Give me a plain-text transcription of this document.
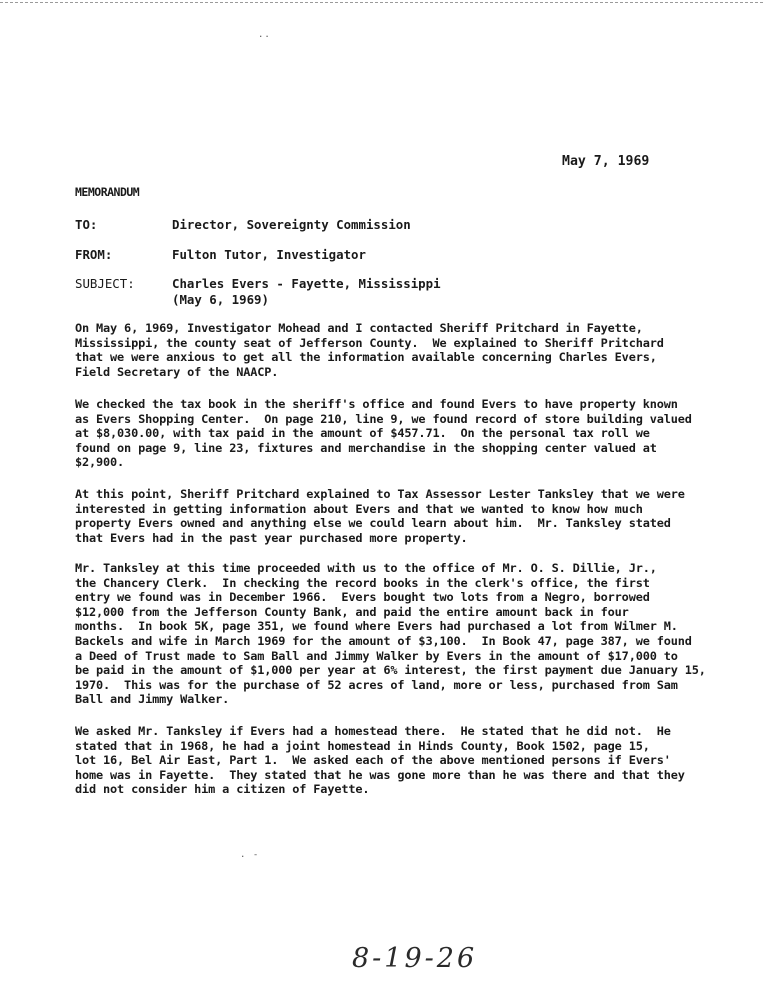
..
. -
May 7, 1969
MEMORANDUM
TO:	Director, Sovereignty Commission
FROM:	Fulton Tutor, Investigator
SUBJECT:	Charles Evers - Fayette, Mississippi
(May 6, 1969)

On May 6, 1969, Investigator Mohead and I contacted Sheriff Pritchard in Fayette,
Mississippi, the county seat of Jefferson County.  We explained to Sheriff Pritchard
that we were anxious to get all the information available concerning Charles Evers,
Field Secretary of the NAACP.

We checked the tax book in the sheriff's office and found Evers to have property known
as Evers Shopping Center.  On page 210, line 9, we found record of store building valued
at $8,030.00, with tax paid in the amount of $457.71.  On the personal tax roll we
found on page 9, line 23, fixtures and merchandise in the shopping center valued at
$2,900.

At this point, Sheriff Pritchard explained to Tax Assessor Lester Tanksley that we were
interested in getting information about Evers and that we wanted to know how much
property Evers owned and anything else we could learn about him.  Mr. Tanksley stated
that Evers had in the past year purchased more property.

Mr. Tanksley at this time proceeded with us to the office of Mr. O. S. Dillie, Jr.,
the Chancery Clerk.  In checking the record books in the clerk's office, the first
entry we found was in December 1966.  Evers bought two lots from a Negro, borrowed
$12,000 from the Jefferson County Bank, and paid the entire amount back in four
months.  In book 5K, page 351, we found where Evers had purchased a lot from Wilmer M.
Backels and wife in March 1969 for the amount of $3,100.  In Book 47, page 387, we found
a Deed of Trust made to Sam Ball and Jimmy Walker by Evers in the amount of $17,000 to
be paid in the amount of $1,000 per year at 6% interest, the first payment due January 15,
1970.  This was for the purchase of 52 acres of land, more or less, purchased from Sam
Ball and Jimmy Walker.

We asked Mr. Tanksley if Evers had a homestead there.  He stated that he did not.  He
stated that in 1968, he had a joint homestead in Hinds County, Book 1502, page 15,
lot 16, Bel Air East, Part 1.  We asked each of the above mentioned persons if Evers'
home was in Fayette.  They stated that he was gone more than he was there and that they
did not consider him a citizen of Fayette.

8-19-26
